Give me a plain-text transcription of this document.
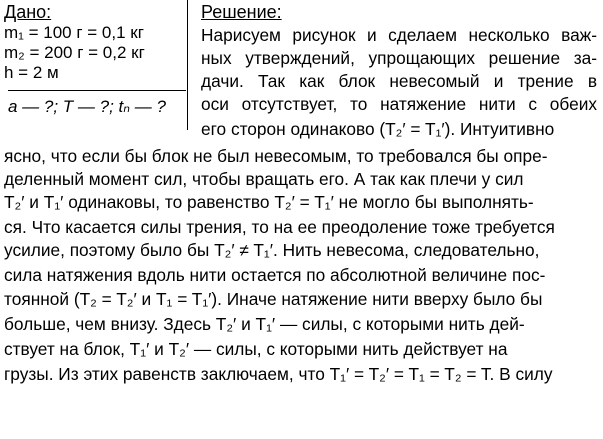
Дано:
m₁ = 100 г = 0,1 кг
m₂ = 200 г = 0,2 кг
h = 2 м
a — ?; T — ?; tₙ — ?
Решение:
Нарисуем рисунок и сделаем несколько важ-
ных утверждений, упрощающих решение за-
дачи. Так как блок невесомый и трение в
оси отсутствует, то натяжение нити с обеих
его сторон одинаково (T₂′ = T₁′). Интуитивно
ясно, что если бы блок не был невесомым, то требовался бы опре-
деленный момент сил, чтобы вращать его. А так как плечи у сил
T₂′ и T₁′ одинаковы, то равенство T₂′ = T₁′ не могло бы выполнять-
ся. Что касается силы трения, то на ее преодоление тоже требуется
усилие, поэтому было бы T₂′ ≠ T₁′. Нить невесома, следовательно,
сила натяжения вдоль нити остается по абсолютной величине пос-
тоянной (T₂ = T₂′ и T₁ = T₁′). Иначе натяжение нити вверху было бы
больше, чем внизу. Здесь T₂′ и T₁′ — силы, с которыми нить дей-
ствует на блок, T₁′ и T₂′ — силы, с которыми нить действует на
грузы. Из этих равенств заключаем, что T₁′ = T₂′ = T₁ = T₂ = T. В силу
